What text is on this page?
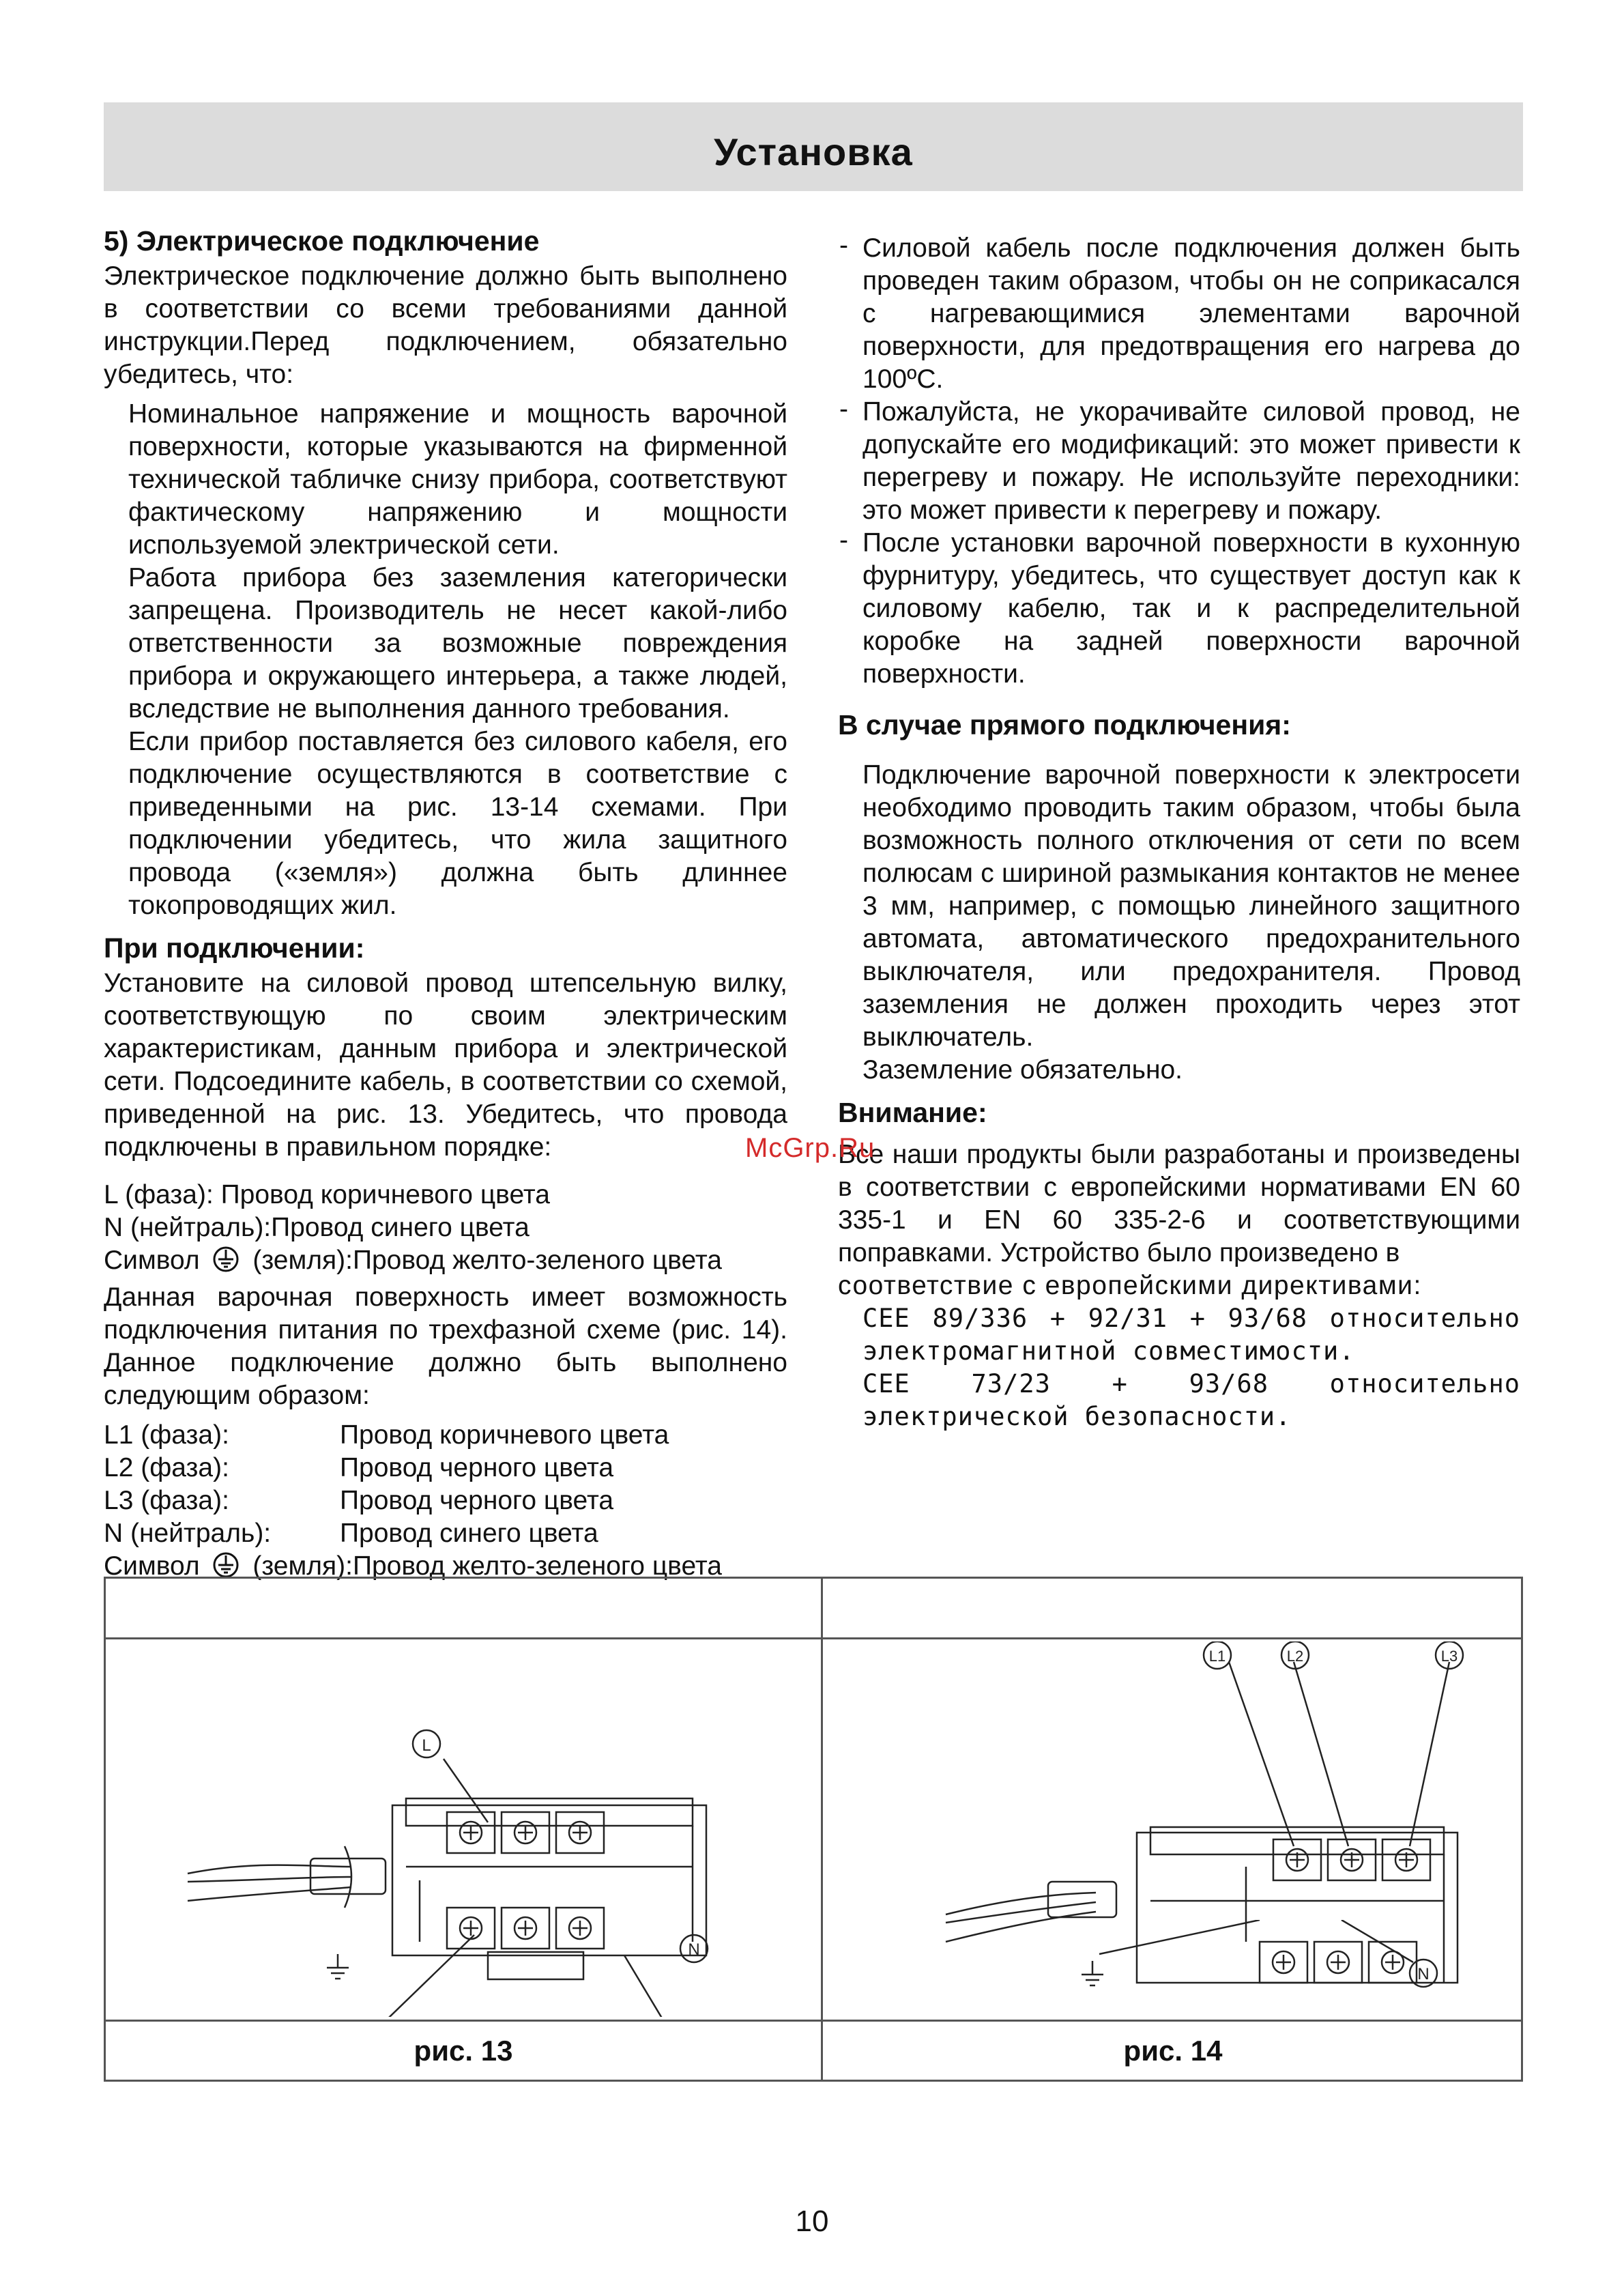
Установка
5) Электрическое подключение

Электрическое подключение должно быть выполнено в соответствии со всеми требованиями данной инструкции.Перед подключением, обязательно убедитесь, что:

Номинальное напряжение и мощность варочной поверхности, которые указываются на фирменной технической табличке снизу прибора, соответствуют фактическому напряжению и мощности используемой электрической сети.

Работа прибора без заземления категорически запрещена. Производитель не несет какой-либо ответственности за возможные повреждения прибора и окружающего интерьера, а также людей, вследствие не выполнения данного требования.

Если прибор поставляется без силового кабеля, его подключение осуществляются в соответствие с приведенными на рис. 13-14 схемами. При подключении убедитесь, что жила защитного провода («земля») должна быть длиннее токопроводящих жил.

При подключении:

Установите на силовой провод штепсельную вилку, соответствующую по своим электрическим характеристикам, данным прибора и электрической сети. Подсоедините кабель, в соответствии со схемой, приведенной на рис. 13. Убедитесь, что провода подключены в правильном порядке:

L (фаза): Провод коричневого цвета
N (нейтраль):Провод синего цвета
Символ (земля):Провод желто-зеленого цвета

Данная варочная поверхность имеет возможность подключения питания по трехфазной схеме (рис. 14). Данное подключение должно быть выполнено следующим образом:

L1 (фаза):	Провод коричневого цвета
L2 (фаза):	Провод черного цвета
L3 (фаза):	Провод черного цвета
N (нейтраль):	Провод синего цвета
Символ (земля):Провод желто-зеленого цвета
- Силовой кабель после подключения должен быть проведен таким образом, чтобы он не соприкасался с нагревающимися элементами варочной поверхности, для предотвращения его нагрева до 100ºC.
- Пожалуйста, не укорачивайте силовой провод, не допускайте его модификаций: это может привести к перегреву и пожару. Не используйте переходники: это может привести к перегреву и пожару.
- После установки варочной поверхности в кухонную фурнитуру, убедитесь, что существует доступ как к силовому кабелю, так и к распределительной коробке на задней поверхности варочной поверхности.
В случае прямого подключения:

Подключение варочной поверхности к электросети необходимо проводить таким образом, чтобы была возможность полного отключения от сети по всем полюсам с шириной размыкания контактов не менее 3 мм, например, с помощью линейного защитного автомата, автоматического предохранительного выключателя, или предохранителя. Провод заземления не должен проходить через этот выключатель.

Заземление обязательно.

Внимание:

Все наши продукты были разработаны и произведены в соответствии с европейскими нормативами EN 60 335-1 и EN 60 335-2-6 и соответствующими поправками. Устройство было произведено в

соответствие с европейскими директивами:

CEE 89/336 + 92/31 + 93/68 относительно электромагнитной совместимости.

CEE 73/23 + 93/68 относительно электрической безопасности.

McGrp.Ru
L
N
L1	L2	L3
N
рис. 13	рис. 14
10
